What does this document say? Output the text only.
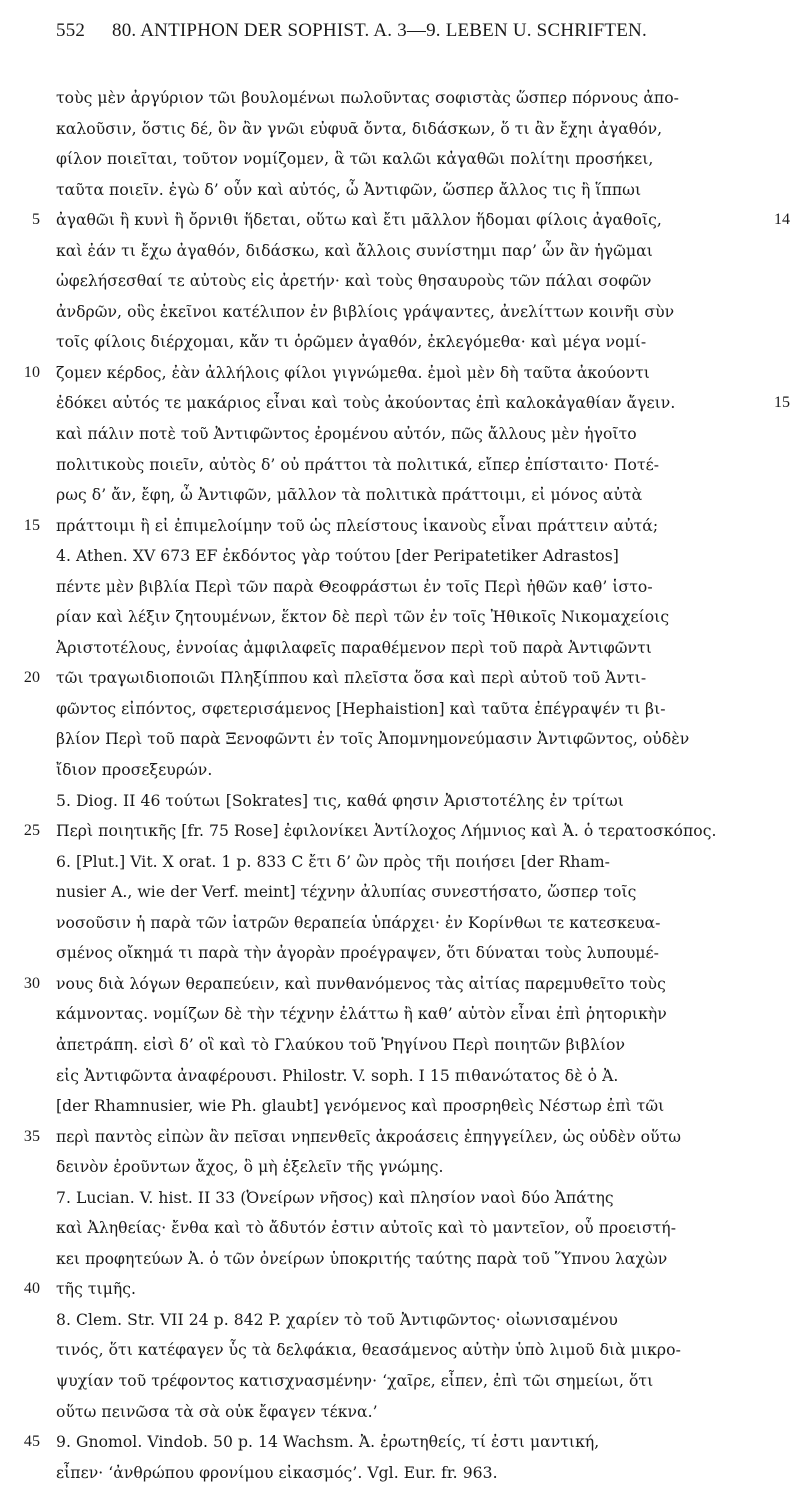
552 80. ANTIPHON DER SOPHIST. A. 3—9. LEBEN U. SCHRIFTEN.
τοὺς μὲν ἀργύριον τῶι βουλομένωι πωλοῦντας σοφιστὰς ὥσπερ πόρνους ἀπο-
καλοῦσιν, ὅστις δέ, ὃν ἂν γνῶι εὐφυᾶ ὄντα, διδάσκων, ὅ τι ἂν ἔχηι ἀγαθόν,
φίλον ποιεῖται, τοῦτον νομίζομεν, ἃ τῶι καλῶι κἀγαθῶι πολίτηι προσήκει,
ταῦτα ποιεῖν. ἐγὼ δ’ οὖν καὶ αὐτός, ὦ Ἀντιφῶν, ὥσπερ ἄλλος τις ἢ ἵππωι
5 ἀγαθῶι ἢ κυνὶ ἢ ὄρνιθι ἥδεται, οὕτω καὶ ἔτι μᾶλλον ἥδομαι φίλοις ἀγαθοῖς,	14
καὶ ἐάν τι ἔχω ἀγαθόν, διδάσκω, καὶ ἄλλοις συνίστημι παρ’ ὧν ἂν ἡγῶμαι
ὠφελήσεσθαί τε αὐτοὺς εἰς ἀρετήν· καὶ τοὺς θησαυροὺς τῶν πάλαι σοφῶν
ἀνδρῶν, οὓς ἐκεῖνοι κατέλιπον ἐν βιβλίοις γράψαντες, ἀνελίττων κοινῆι σὺν
τοῖς φίλοις διέρχομαι, κἄν τι ὁρῶμεν ἀγαθόν, ἐκλεγόμεθα· καὶ μέγα νομί-
10 ζομεν κέρδος, ἐὰν ἀλλήλοις φίλοι γιγνώμεθα. ἐμοὶ μὲν δὴ ταῦτα ἀκούοντι
ἐδόκει αὐτός τε μακάριος εἶναι καὶ τοὺς ἀκούοντας ἐπὶ καλοκἀγαθίαν ἄγειν.	15
καὶ πάλιν ποτὲ τοῦ Ἀντιφῶντος ἐρομένου αὐτόν, πῶς ἄλλους μὲν ἡγοῖτο
πολιτικοὺς ποιεῖν, αὐτὸς δ’ οὐ πράττοι τὰ πολιτικά, εἴπερ ἐπίσταιτο· Ποτέ-
ρως δ’ ἄν, ἔφη, ὦ Ἀντιφῶν, μᾶλλον τὰ πολιτικὰ πράττοιμι, εἰ μόνος αὐτὰ
15 πράττοιμι ἢ εἰ ἐπιμελοίμην τοῦ ὡς πλείστους ἱκανοὺς εἶναι πράττειν αὐτά;
4. Athen. XV 673 EF ἐκδόντος γὰρ τούτου [der Peripatetiker Adrastos]
πέντε μὲν βιβλία Περὶ τῶν παρὰ Θεοφράστωι ἐν τοῖς Περὶ ἠθῶν καθ’ ἱστο-
ρίαν καὶ λέξιν ζητουμένων, ἕκτον δὲ περὶ τῶν ἐν τοῖς Ἠθικοῖς Νικομαχείοις
Ἀριστοτέλους, ἐννοίας ἀμφιλαφεῖς παραθέμενον περὶ τοῦ παρὰ Ἀντιφῶντι
20 τῶι τραγωιδιοποιῶι Πληξίππου καὶ πλεῖστα ὅσα καὶ περὶ αὐτοῦ τοῦ Ἀντι-
φῶντος εἰπόντος, σφετερισάμενος [Hephaistion] καὶ ταῦτα ἐπέγραψέν τι βι-
βλίον Περὶ τοῦ παρὰ Ξενοφῶντι ἐν τοῖς Ἀπομνημονεύμασιν Ἀντιφῶντος, οὐδὲν
ἴδιον προσεξευρών.
5. Diog. II 46 τούτωι [Sokrates] τις, καθά φησιν Ἀριστοτέλης ἐν τρίτωι
25 Περὶ ποιητικῆς [fr. 75 Rose] ἐφιλονίκει Ἀντίλοχος Λήμνιος καὶ Ἀ. ὁ τερατοσκόπος.
6. [Plut.] Vit. X orat. 1 p. 833 C ἔτι δ’ ὢν πρὸς τῆι ποιήσει [der Rham-
nusier A., wie der Verf. meint] τέχνην ἀλυπίας συνεστήσατο, ὥσπερ τοῖς
νοσοῦσιν ἡ παρὰ τῶν ἰατρῶν θεραπεία ὑπάρχει· ἐν Κορίνθωι τε κατεσκευα-
σμένος οἴκημά τι παρὰ τὴν ἀγορὰν προέγραψεν, ὅτι δύναται τοὺς λυπουμέ-
30 νους διὰ λόγων θεραπεύειν, καὶ πυνθανόμενος τὰς αἰτίας παρεμυθεῖτο τοὺς
κάμνοντας. νομίζων δὲ τὴν τέχνην ἐλάττω ἢ καθ’ αὑτὸν εἶναι ἐπὶ ῥητορικὴν
ἀπετράπη. εἰσὶ δ’ οἳ καὶ τὸ Γλαύκου τοῦ Ῥηγίνου Περὶ ποιητῶν βιβλίον
εἰς Ἀντιφῶντα ἀναφέρουσι. Philostr. V. soph. I 15 πιθανώτατος δὲ ὁ Ἀ.
[der Rhamnusier, wie Ph. glaubt] γενόμενος καὶ προσρηθεὶς Νέστωρ ἐπὶ τῶι
35 περὶ παντὸς εἰπὼν ἂν πεῖσαι νηπενθεῖς ἀκροάσεις ἐπηγγείλεν, ὡς οὐδὲν οὕτω
δεινὸν ἐροῦντων ἄχος, ὃ μὴ ἐξελεῖν τῆς γνώμης.
7. Lucian. V. hist. II 33 (Ὀνείρων νῆσος) καὶ πλησίον ναοὶ δύο Ἀπάτης
καὶ Ἀληθείας· ἔνθα καὶ τὸ ἄδυτόν ἐστιν αὐτοῖς καὶ τὸ μαντεῖον, οὗ προειστή-
κει προφητεύων Ἀ. ὁ τῶν ὀνείρων ὑποκριτής ταύτης παρὰ τοῦ Ὕπνου λαχὼν
40 τῆς τιμῆς.
8. Clem. Str. VII 24 p. 842 P. χαρίεν τὸ τοῦ Ἀντιφῶντος· οἰωνισαμένου
τινός, ὅτι κατέφαγεν ὗς τὰ δελφάκια, θεασάμενος αὐτὴν ὑπὸ λιμοῦ διὰ μικρο-
ψυχίαν τοῦ τρέφοντος κατισχνασμένην· ‘χαῖρε, εἶπεν, ἐπὶ τῶι σημείωι, ὅτι
οὕτω πεινῶσα τὰ σὰ οὐκ ἔφαγεν τέκνα.’
45 9. Gnomol. Vindob. 50 p. 14 Wachsm. Ἀ. ἐρωτηθείς, τί ἐστι μαντική,
εἶπεν· ‘ἀνθρώπου φρονίμου εἰκασμός’. Vgl. Eur. fr. 963.
